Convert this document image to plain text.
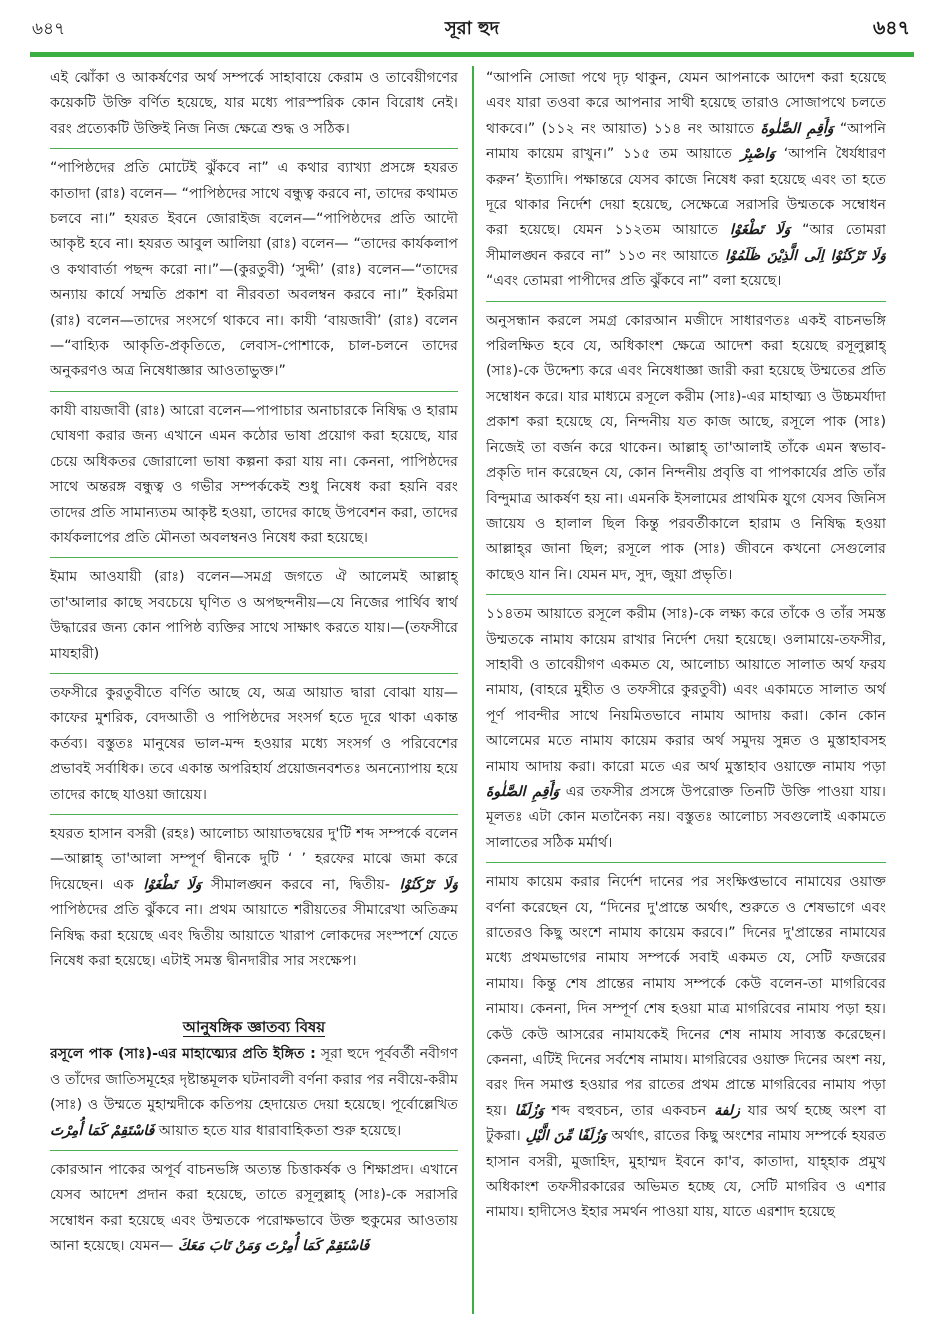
৬৪৭	সূরা হুদ	৬৪৭

এই ঝোঁকা ও আকর্ষণের অর্থ সম্পর্কে সাহাবায়ে কেরাম ও তাবেয়ীগণের কয়েকটি উক্তি বর্ণিত হয়েছে, যার মধ্যে পারস্পরিক কোন বিরোধ নেই। বরং প্রত্যেকটি উক্তিই নিজ নিজ ক্ষেত্রে শুদ্ধ ও সঠিক।

“পাপিষ্ঠদের প্রতি মোটেই ঝুঁকবে না” এ কথার ব্যাখ্যা প্রসঙ্গে হযরত কাতাদা (রাঃ) বলেন— “পাপিষ্ঠদের সাথে বন্ধুত্ব করবে না, তাদের কথামত চলবে না।” হযরত ইবনে জোরাইজ বলেন—“পাপিষ্ঠদের প্রতি আদৌ আকৃষ্ট হবে না। হযরত আবুল আলিয়া (রাঃ) বলেন— “তাদের কার্যকলাপ ও কথাবার্তা পছন্দ করো না।”—(কুরতুবী) ‘সুদ্দী’ (রাঃ) বলেন—“তাদের অন্যায় কার্যে সম্মতি প্রকাশ বা নীরবতা অবলম্বন করবে না।” ইকরিমা (রাঃ) বলেন—তাদের সংসর্গে থাকবে না। কাযী ‘বায়জাবী’ (রাঃ) বলেন—“বাহ্যিক আকৃতি-প্রকৃতিতে, লেবাস-পোশাকে, চাল-চলনে তাদের অনুকরণও অত্র নিষেধাজ্ঞার আওতাভুক্ত।”

কাযী বায়জাবী (রাঃ) আরো বলেন—পাপাচার অনাচারকে নিষিদ্ধ ও হারাম ঘোষণা করার জন্য এখানে এমন কঠোর ভাষা প্রয়োগ করা হয়েছে, যার চেয়ে অধিকতর জোরালো ভাষা কল্পনা করা যায় না। কেননা, পাপিষ্ঠদের সাথে অন্তরঙ্গ বন্ধুত্ব ও গভীর সম্পর্ককেই শুধু নিষেধ করা হয়নি বরং তাদের প্রতি সামান্যতম আকৃষ্ট হওয়া, তাদের কাছে উপবেশন করা, তাদের কার্যকলাপের প্রতি মৌনতা অবলম্বনও নিষেধ করা হয়েছে।

ইমাম আওযায়ী (রাঃ) বলেন—সমগ্র জগতে ঐ আলেমই আল্লাহ্ তা'আলার কাছে সবচেয়ে ঘৃণিত ও অপছন্দনীয়—যে নিজের পার্থিব স্বার্থ উদ্ধারের জন্য কোন পাপিষ্ঠ ব্যক্তির সাথে সাক্ষাৎ করতে যায়।—(তফসীরে মাযহারী)

তফসীরে কুরতুবীতে বর্ণিত আছে যে, অত্র আয়াত দ্বারা বোঝা যায়—কাফের মুশরিক, বেদআতী ও পাপিষ্ঠদের সংসর্গ হতে দূরে থাকা একান্ত কর্তব্য। বস্তুতঃ মানুষের ভাল-মন্দ হওয়ার মধ্যে সংসর্গ ও পরিবেশের প্রভাবই সর্বাধিক। তবে একান্ত অপরিহার্য প্রয়োজনবশতঃ অনন্যোপায় হয়ে তাদের কাছে যাওয়া জায়েয।

হযরত হাসান বসরী (রহঃ) আলোচ্য আয়াতদ্বয়ের দু'টি শব্দ সম্পর্কে বলেন—আল্লাহ্ তা'আলা সম্পূর্ণ দ্বীনকে দুটি ‘ ’ হরফের মাঝে জমা করে দিয়েছেন। এক وَلَا تَطْغَوْا সীমালঙ্ঘন করবে না, দ্বিতীয়- وَلَا تَرْكَنُوْا পাপিষ্ঠদের প্রতি ঝুঁকবে না। প্রথম আয়াতে শরীয়তের সীমারেখা অতিক্রম নিষিদ্ধ করা হয়েছে এবং দ্বিতীয় আয়াতে খারাপ লোকদের সংস্পর্শে যেতে নিষেধ করা হয়েছে। এটাই সমস্ত দ্বীনদারীর সার সংক্ষেপ।

আনুষঙ্গিক জ্ঞাতব্য বিষয়

রসূলে পাক (সাঃ)-এর মাহাত্ম্যের প্রতি ইঙ্গিত : সূরা হুদে পূর্ববর্তী নবীগণ ও তাঁদের জাতিসমূহের দৃষ্টান্তমূলক ঘটনাবলী বর্ণনা করার পর নবীয়ে-করীম (সাঃ) ও উম্মতে মুহাম্মদীকে কতিপয় হেদায়েত দেয়া হয়েছে। পূর্বোল্লেখিত فَاسْتَقِمْ كَمَا أُمِرْتَ আয়াত হতে যার ধারাবাহিকতা শুরু হয়েছে।

কোরআন পাকের অপূর্ব বাচনভঙ্গি অত্যন্ত চিত্তাকর্ষক ও শিক্ষাপ্রদ। এখানে যেসব আদেশ প্রদান করা হয়েছে, তাতে রসূলুল্লাহ্ (সাঃ)-কে সরাসরি সম্বোধন করা হয়েছে এবং উম্মতকে পরোক্ষভাবে উক্ত হুকুমের আওতায় আনা হয়েছে। যেমন— فَاسْتَقِمْ كَمَا أُمِرْتَ وَمَنْ تَابَ مَعَكَ

“আপনি সোজা পথে দৃঢ় থাকুন, যেমন আপনাকে আদেশ করা হয়েছে এবং যারা তওবা করে আপনার সাথী হয়েছে তারাও সোজাপথে চলতে থাকবে।” (১১২ নং আয়াত) ১১৪ নং আয়াতে وَأَقِمِ الصَّلٰوةَ “আপনি নামায কায়েম রাখুন।” ১১৫ তম আয়াতে وَاصْبِرْ ‘আপনি ধৈর্যধারণ করুন’ ইত্যাদি। পক্ষান্তরে যেসব কাজে নিষেধ করা হয়েছে এবং তা হতে দূরে থাকার নির্দেশ দেয়া হয়েছে, সেক্ষেত্রে সরাসরি উম্মতকে সম্বোধন করা হয়েছে। যেমন ১১২তম আয়াতে وَلَا تَطْغَوْا “আর তোমরা সীমালঙ্ঘন করবে না” ১১৩ নং আয়াতে وَلَا تَرْكَنُوْا اِلَى الَّذِيْنَ ظَلَمُوْا “এবং তোমরা পাপীদের প্রতি ঝুঁকবে না” বলা হয়েছে।

অনুসন্ধান করলে সমগ্র কোরআন মজীদে সাধারণতঃ একই বাচনভঙ্গি পরিলক্ষিত হবে যে, অধিকাংশ ক্ষেত্রে আদেশ করা হয়েছে রসূলুল্লাহ্ (সাঃ)-কে উদ্দেশ্য করে এবং নিষেধাজ্ঞা জারী করা হয়েছে উম্মতের প্রতি সম্বোধন করে। যার মাধ্যমে রসূলে করীম (সাঃ)-এর মাহাত্ম্য ও উচ্চমর্যাদা প্রকাশ করা হয়েছে যে, নিন্দনীয় যত কাজ আছে, রসূলে পাক (সাঃ) নিজেই তা বর্জন করে থাকেন। আল্লাহ্ তা'আলাই তাঁকে এমন স্বভাব-প্রকৃতি দান করেছেন যে, কোন নিন্দনীয় প্রবৃত্তি বা পাপকার্যের প্রতি তাঁর বিন্দুমাত্র আকর্ষণ হয় না। এমনকি ইসলামের প্রাথমিক যুগে যেসব জিনিস জায়েয ও হালাল ছিল কিন্তু পরবর্তীকালে হারাম ও নিষিদ্ধ হওয়া আল্লাহ্‌র জানা ছিল; রসূলে পাক (সাঃ) জীবনে কখনো সেগুলোর কাছেও যান নি। যেমন মদ, সুদ, জুয়া প্রভৃতি।

১১৪তম আয়াতে রসূলে করীম (সাঃ)-কে লক্ষ্য করে তাঁকে ও তাঁর সমস্ত উম্মতকে নামায কায়েম রাখার নির্দেশ দেয়া হয়েছে। ওলামায়ে-তফসীর, সাহাবী ও তাবেয়ীগণ একমত যে, আলোচ্য আয়াতে সালাত অর্থ ফরয নামায, (বাহরে মুহীত ও তফসীরে কুরতুবী) এবং একামতে সালাত অর্থ পূর্ণ পাবন্দীর সাথে নিয়মিতভাবে নামায আদায় করা। কোন কোন আলেমের মতে নামায কায়েম করার অর্থ সমুদয় সুন্নত ও মুস্তাহাবসহ নামায আদায় করা। কারো মতে এর অর্থ মুস্তাহাব ওয়াক্তে নামায পড়া وَأَقِمِ الصَّلٰوةَ এর তফসীর প্রসঙ্গে উপরোক্ত তিনটি উক্তি পাওয়া যায়। মূলতঃ এটা কোন মতানৈক্য নয়। বস্তুতঃ আলোচ্য সবগুলোই একামতে সালাতের সঠিক মর্মার্থ।

নামায কায়েম করার নির্দেশ দানের পর সংক্ষিপ্তভাবে নামাযের ওয়াক্ত বর্ণনা করেছেন যে, “দিনের দু'প্রান্তে অর্থাৎ, শুরুতে ও শেষভাগে এবং রাতেরও কিছু অংশে নামায কায়েম করবে।” দিনের দু'প্রান্তের নামাযের মধ্যে প্রথমভাগের নামায সম্পর্কে সবাই একমত যে, সেটি ফজরের নামায। কিন্তু শেষ প্রান্তের নামায সম্পর্কে কেউ বলেন-তা মাগরিবের নামায। কেননা, দিন সম্পূর্ণ শেষ হওয়া মাত্র মাগরিবের নামায পড়া হয়। কেউ কেউ আসরের নামাযকেই দিনের শেষ নামায সাব্যস্ত করেছেন। কেননা, এটিই দিনের সর্বশেষ নামায। মাগরিবের ওয়াক্ত দিনের অংশ নয়, বরং দিন সমাপ্ত হওয়ার পর রাতের প্রথম প্রান্তে মাগরিবের নামায পড়া হয়। وَزُلَفًا শব্দ বহুবচন, তার একবচন زلفة যার অর্থ হচ্ছে অংশ বা টুকরা। وَزُلَفًا مِّنَ الَّيْلِ অর্থাৎ, রাতের কিছু অংশের নামায সম্পর্কে হযরত হাসান বসরী, মুজাহিদ, মুহাম্মদ ইবনে কা'ব, কাতাদা, যাহ্হাক প্রমুখ অধিকাংশ তফসীরকারের অভিমত হচ্ছে যে, সেটি মাগরিব ও এশার নামায। হাদীসেও ইহার সমর্থন পাওয়া যায়, যাতে এরশাদ হয়েছে
